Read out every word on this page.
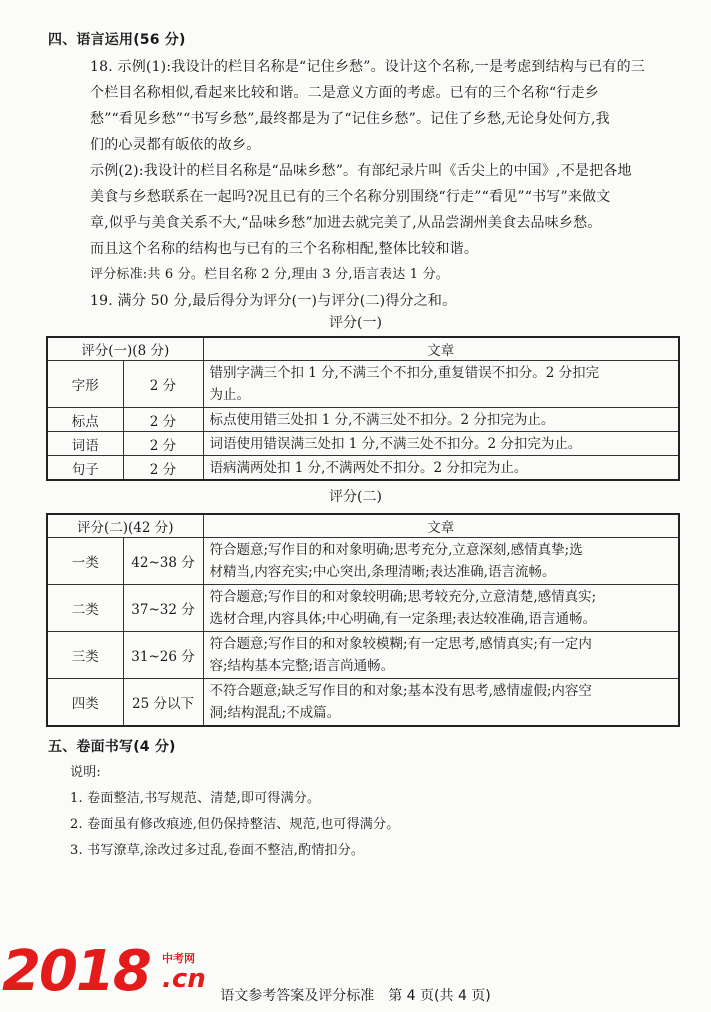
四、语言运用(56 分)
18. 示例(1):我设计的栏目名称是“记住乡愁”。设计这个名称,一是考虑到结构与已有的三
个栏目名称相似,看起来比较和谐。二是意义方面的考虑。已有的三个名称“行走乡
愁”“看见乡愁”“书写乡愁”,最终都是为了“记住乡愁”。记住了乡愁,无论身处何方,我
们的心灵都有皈依的故乡。
示例(2):我设计的栏目名称是“品味乡愁”。有部纪录片叫《舌尖上的中国》,不是把各地
美食与乡愁联系在一起吗?况且已有的三个名称分别围绕“行走”“看见”“书写”来做文
章,似乎与美食关系不大,“品味乡愁”加进去就完美了,从品尝湖州美食去品味乡愁。
而且这个名称的结构也与已有的三个名称相配,整体比较和谐。
评分标准:共 6 分。栏目名称 2 分,理由 3 分,语言表达 1 分。
19. 满分 50 分,最后得分为评分(一)与评分(二)得分之和。
评分(一)
评分(一)(8 分)		文章
字形	2 分	错别字满三个扣 1 分,不满三个不扣分,重复错误不扣分。2 分扣完
为止。
标点	2 分	标点使用错三处扣 1 分,不满三处不扣分。2 分扣完为止。
词语	2 分	词语使用错误满三处扣 1 分,不满三处不扣分。2 分扣完为止。
句子	2 分	语病满两处扣 1 分,不满两处不扣分。2 分扣完为止。
评分(二)
评分(二)(42 分)		文章
一类	42~38 分	符合题意;写作目的和对象明确;思考充分,立意深刻,感情真挚;选
材精当,内容充实;中心突出,条理清晰;表达准确,语言流畅。
二类	37~32 分	符合题意;写作目的和对象较明确;思考较充分,立意清楚,感情真实;
选材合理,内容具体;中心明确,有一定条理;表达较准确,语言通畅。
三类	31~26 分	符合题意;写作目的和对象较模糊;有一定思考,感情真实;有一定内
容;结构基本完整;语言尚通畅。
四类	25 分以下	不符合题意;缺乏写作目的和对象;基本没有思考,感情虚假;内容空
洞;结构混乱;不成篇。
五、卷面书写(4 分)
说明:
1. 卷面整洁,书写规范、清楚,即可得满分。
2. 卷面虽有修改痕迹,但仍保持整洁、规范,也可得满分。
3. 书写潦草,涂改过多过乱,卷面不整洁,酌情扣分。
2018 中考网
.cn
语文参考答案及评分标准　第 4 页(共 4 页)
